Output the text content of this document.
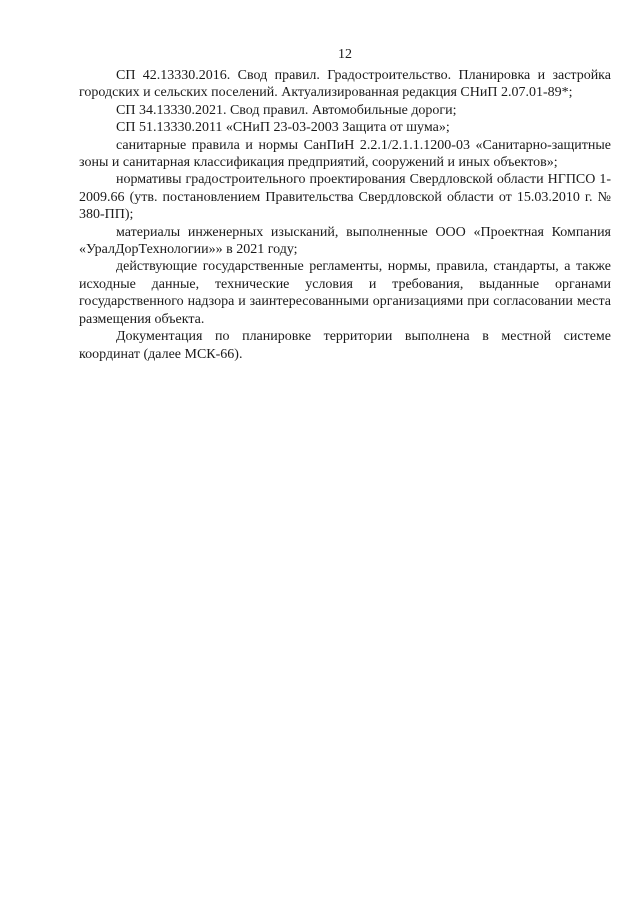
12

СП 42.13330.2016. Свод правил. Градостроительство. Планировка и застройка городских и сельских поселений. Актуализированная редакция СНиП 2.07.01-89*;

СП 34.13330.2021. Свод правил. Автомобильные дороги;

СП 51.13330.2011 «СНиП 23-03-2003 Защита от шума»;

санитарные правила и нормы СанПиН 2.2.1/2.1.1.1200-03 «Санитарно-защитные зоны и санитарная классификация предприятий, сооружений и иных объектов»;

нормативы градостроительного проектирования Свердловской области НГПСО 1-2009.66 (утв. постановлением Правительства Свердловской области от 15.03.2010 г. № 380-ПП);

материалы инженерных изысканий, выполненные ООО «Проектная Компания «УралДорТехнологии»» в 2021 году;

действующие государственные регламенты, нормы, правила, стандарты, а также исходные данные, технические условия и требования, выданные органами государственного надзора и заинтересованными организациями при согласовании места размещения объекта.

Документация по планировке территории выполнена в местной системе координат (далее МСК-66).
